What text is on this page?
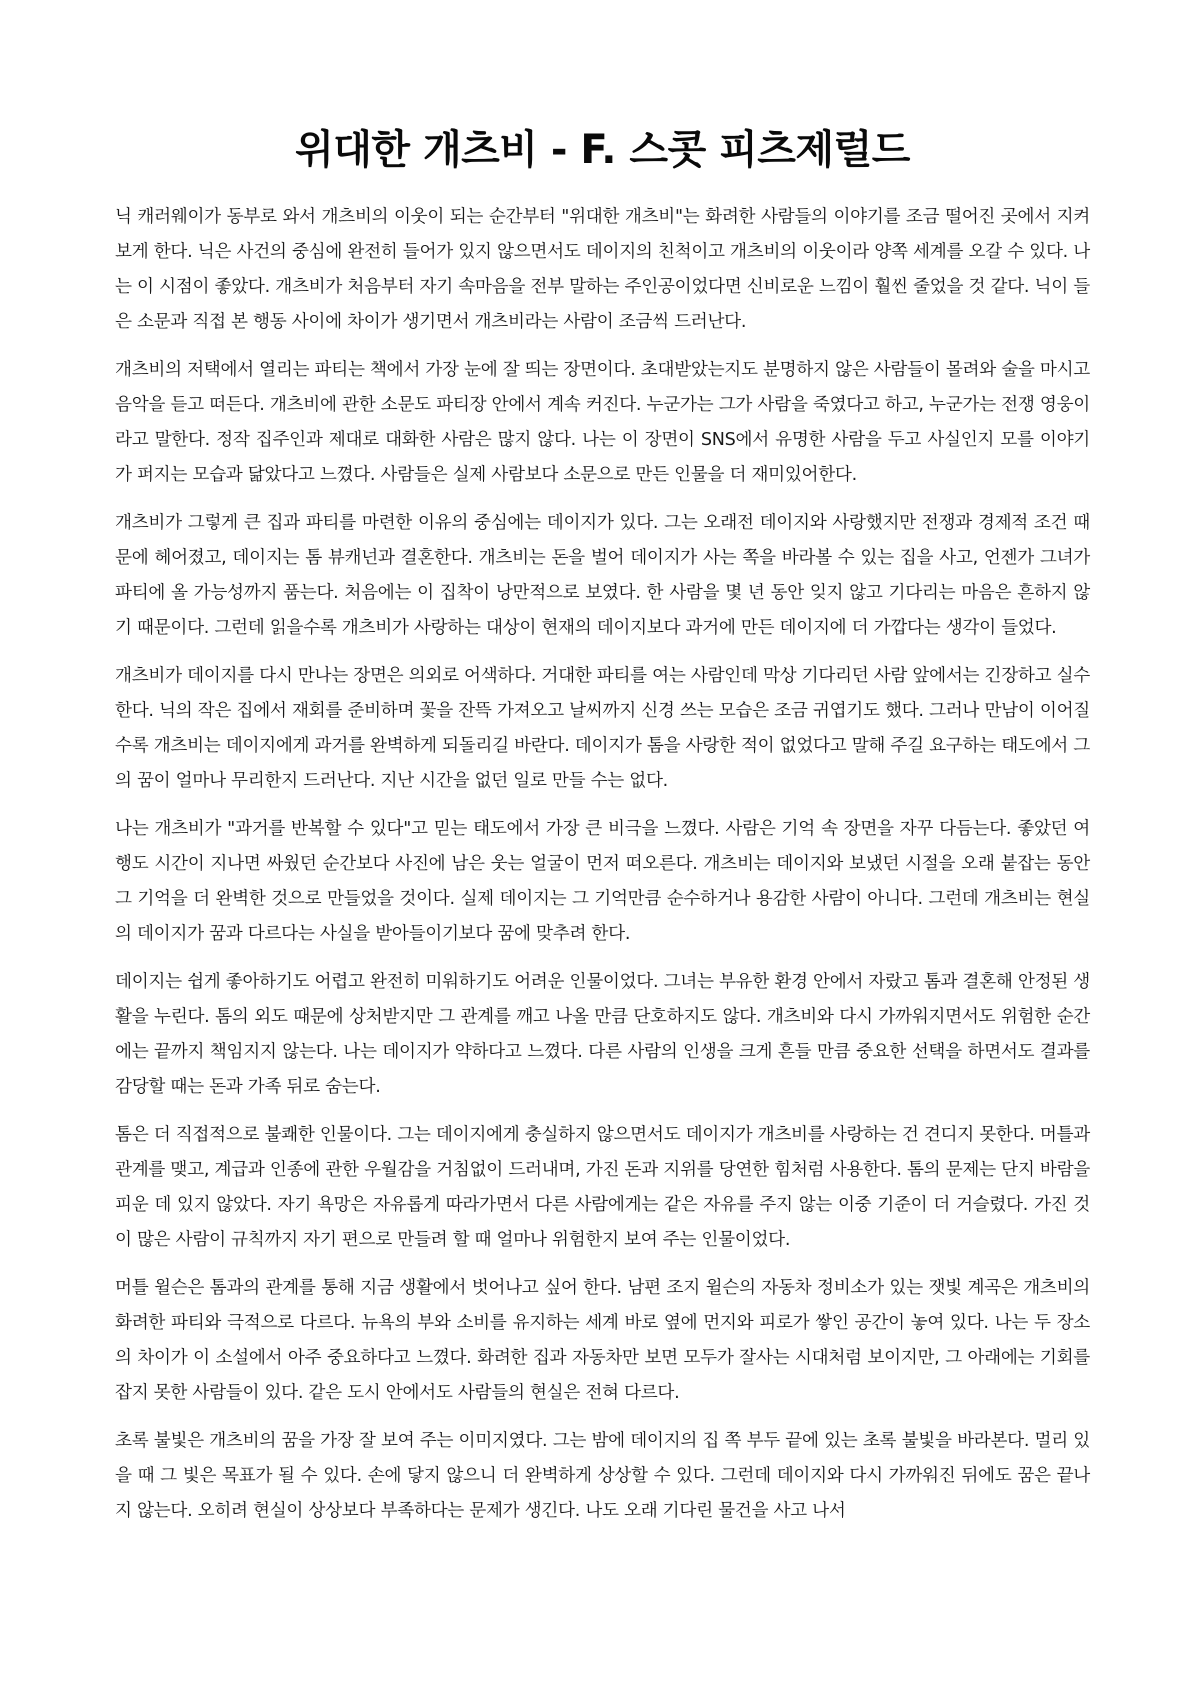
위대한 개츠비 - F. 스콧 피츠제럴드

닉 캐러웨이가 동부로 와서 개츠비의 이웃이 되는 순간부터 "위대한 개츠비"는 화려한 사람들의 이야기를 조금 떨어진 곳에서 지켜보게 한다. 닉은 사건의 중심에 완전히 들어가 있지 않으면서도 데이지의 친척이고 개츠비의 이웃이라 양쪽 세계를 오갈 수 있다. 나는 이 시점이 좋았다. 개츠비가 처음부터 자기 속마음을 전부 말하는 주인공이었다면 신비로운 느낌이 훨씬 줄었을 것 같다. 닉이 들은 소문과 직접 본 행동 사이에 차이가 생기면서 개츠비라는 사람이 조금씩 드러난다.

개츠비의 저택에서 열리는 파티는 책에서 가장 눈에 잘 띄는 장면이다. 초대받았는지도 분명하지 않은 사람들이 몰려와 술을 마시고 음악을 듣고 떠든다. 개츠비에 관한 소문도 파티장 안에서 계속 커진다. 누군가는 그가 사람을 죽였다고 하고, 누군가는 전쟁 영웅이라고 말한다. 정작 집주인과 제대로 대화한 사람은 많지 않다. 나는 이 장면이 SNS에서 유명한 사람을 두고 사실인지 모를 이야기가 퍼지는 모습과 닮았다고 느꼈다. 사람들은 실제 사람보다 소문으로 만든 인물을 더 재미있어한다.

개츠비가 그렇게 큰 집과 파티를 마련한 이유의 중심에는 데이지가 있다. 그는 오래전 데이지와 사랑했지만 전쟁과 경제적 조건 때문에 헤어졌고, 데이지는 톰 뷰캐넌과 결혼한다. 개츠비는 돈을 벌어 데이지가 사는 쪽을 바라볼 수 있는 집을 사고, 언젠가 그녀가 파티에 올 가능성까지 품는다. 처음에는 이 집착이 낭만적으로 보였다. 한 사람을 몇 년 동안 잊지 않고 기다리는 마음은 흔하지 않기 때문이다. 그런데 읽을수록 개츠비가 사랑하는 대상이 현재의 데이지보다 과거에 만든 데이지에 더 가깝다는 생각이 들었다.

개츠비가 데이지를 다시 만나는 장면은 의외로 어색하다. 거대한 파티를 여는 사람인데 막상 기다리던 사람 앞에서는 긴장하고 실수한다. 닉의 작은 집에서 재회를 준비하며 꽃을 잔뜩 가져오고 날씨까지 신경 쓰는 모습은 조금 귀엽기도 했다. 그러나 만남이 이어질수록 개츠비는 데이지에게 과거를 완벽하게 되돌리길 바란다. 데이지가 톰을 사랑한 적이 없었다고 말해 주길 요구하는 태도에서 그의 꿈이 얼마나 무리한지 드러난다. 지난 시간을 없던 일로 만들 수는 없다.

나는 개츠비가 "과거를 반복할 수 있다"고 믿는 태도에서 가장 큰 비극을 느꼈다. 사람은 기억 속 장면을 자꾸 다듬는다. 좋았던 여행도 시간이 지나면 싸웠던 순간보다 사진에 남은 웃는 얼굴이 먼저 떠오른다. 개츠비는 데이지와 보냈던 시절을 오래 붙잡는 동안 그 기억을 더 완벽한 것으로 만들었을 것이다. 실제 데이지는 그 기억만큼 순수하거나 용감한 사람이 아니다. 그런데 개츠비는 현실의 데이지가 꿈과 다르다는 사실을 받아들이기보다 꿈에 맞추려 한다.

데이지는 쉽게 좋아하기도 어렵고 완전히 미워하기도 어려운 인물이었다. 그녀는 부유한 환경 안에서 자랐고 톰과 결혼해 안정된 생활을 누린다. 톰의 외도 때문에 상처받지만 그 관계를 깨고 나올 만큼 단호하지도 않다. 개츠비와 다시 가까워지면서도 위험한 순간에는 끝까지 책임지지 않는다. 나는 데이지가 약하다고 느꼈다. 다른 사람의 인생을 크게 흔들 만큼 중요한 선택을 하면서도 결과를 감당할 때는 돈과 가족 뒤로 숨는다.

톰은 더 직접적으로 불쾌한 인물이다. 그는 데이지에게 충실하지 않으면서도 데이지가 개츠비를 사랑하는 건 견디지 못한다. 머틀과 관계를 맺고, 계급과 인종에 관한 우월감을 거침없이 드러내며, 가진 돈과 지위를 당연한 힘처럼 사용한다. 톰의 문제는 단지 바람을 피운 데 있지 않았다. 자기 욕망은 자유롭게 따라가면서 다른 사람에게는 같은 자유를 주지 않는 이중 기준이 더 거슬렸다. 가진 것이 많은 사람이 규칙까지 자기 편으로 만들려 할 때 얼마나 위험한지 보여 주는 인물이었다.

머틀 윌슨은 톰과의 관계를 통해 지금 생활에서 벗어나고 싶어 한다. 남편 조지 윌슨의 자동차 정비소가 있는 잿빛 계곡은 개츠비의 화려한 파티와 극적으로 다르다. 뉴욕의 부와 소비를 유지하는 세계 바로 옆에 먼지와 피로가 쌓인 공간이 놓여 있다. 나는 두 장소의 차이가 이 소설에서 아주 중요하다고 느꼈다. 화려한 집과 자동차만 보면 모두가 잘사는 시대처럼 보이지만, 그 아래에는 기회를 잡지 못한 사람들이 있다. 같은 도시 안에서도 사람들의 현실은 전혀 다르다.

초록 불빛은 개츠비의 꿈을 가장 잘 보여 주는 이미지였다. 그는 밤에 데이지의 집 쪽 부두 끝에 있는 초록 불빛을 바라본다. 멀리 있을 때 그 빛은 목표가 될 수 있다. 손에 닿지 않으니 더 완벽하게 상상할 수 있다. 그런데 데이지와 다시 가까워진 뒤에도 꿈은 끝나지 않는다. 오히려 현실이 상상보다 부족하다는 문제가 생긴다. 나도 오래 기다린 물건을 사고 나서
